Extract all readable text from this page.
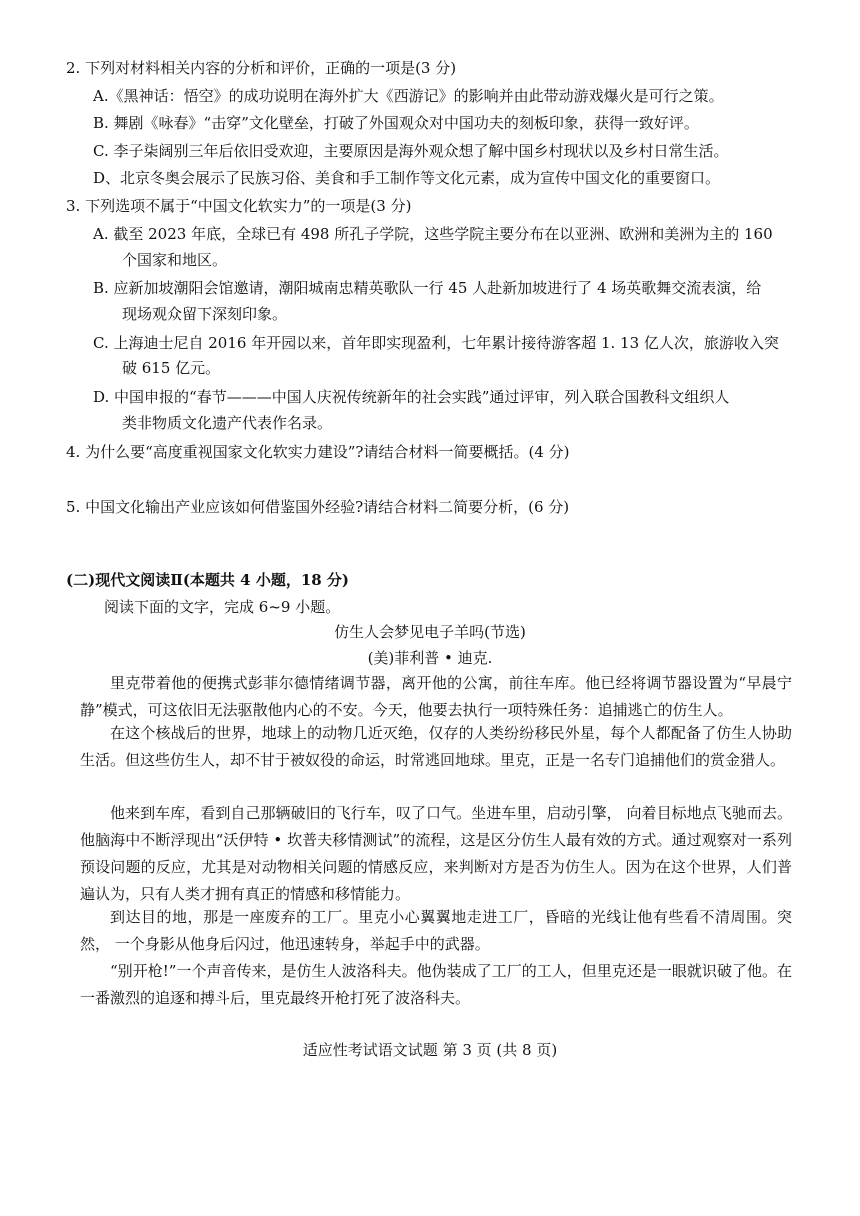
2. 下列对材料相关内容的分析和评价，正确的一项是(3 分)
A.《黑神话：悟空》的成功说明在海外扩大《西游记》的影响并由此带动游戏爆火是可行之策。
B. 舞剧《咏春》“击穿”文化壁垒，打破了外国观众对中国功夫的刻板印象，获得一致好评。
C. 李子柒阔别三年后依旧受欢迎，主要原因是海外观众想了解中国乡村现状以及乡村日常生活。
D、北京冬奥会展示了民族习俗、美食和手工制作等文化元素，成为宣传中国文化的重要窗口。
3. 下列选项不属于“中国文化软实力”的一项是(3 分)
A. 截至 2023 年底，全球已有 498 所孔子学院，这些学院主要分布在以亚洲、欧洲和美洲为主的 160
个国家和地区。
B. 应新加坡潮阳会馆邀请，潮阳城南忠精英歌队一行 45 人赴新加坡进行了 4 场英歌舞交流表演，给
现场观众留下深刻印象。
C. 上海迪士尼自 2016 年开园以来，首年即实现盈利，七年累计接待游客超 1. 13 亿人次，旅游收入突
破 615 亿元。
D. 中国申报的“春节———中国人庆祝传统新年的社会实践”通过评审，列入联合国教科文组织人
类非物质文化遗产代表作名录。
4. 为什么要“高度重视国家文化软实力建设”?请结合材料一简要概括。(4 分)
5. 中国文化输出产业应该如何借鉴国外经验?请结合材料二简要分析，(6 分)
(二)现代文阅读Ⅱ(本题共 4 小题，18 分)
阅读下面的文字，完成 6~9 小题。
仿生人会梦见电子羊吗(节选)
(美)菲利普 • 迪克.
里克带着他的便携式彭菲尔德情绪调节器，离开他的公寓，前往车库。他已经将调节器设置为“早晨宁静”模式，可这依旧无法驱散他内心的不安。今天，他要去执行一项特殊任务：追捕逃亡的仿生人。
在这个核战后的世界，地球上的动物几近灭绝，仅存的人类纷纷移民外星，每个人都配备了仿生人协助生活。但这些仿生人，却不甘于被奴役的命运，时常逃回地球。里克，正是一名专门追捕他们的赏金猎人。
他来到车库，看到自己那辆破旧的飞行车，叹了口气。坐进车里，启动引擎， 向着目标地点飞驰而去。他脑海中不断浮现出“沃伊特 • 坎普夫移情测试”的流程，这是区分仿生人最有效的方式。通过观察对一系列预设问题的反应，尤其是对动物相关问题的情感反应，来判断对方是否为仿生人。因为在这个世界，人们普遍认为，只有人类才拥有真正的情感和移情能力。
到达目的地，那是一座废弃的工厂。里克小心翼翼地走进工厂，昏暗的光线让他有些看不清周围。突然， 一个身影从他身后闪过，他迅速转身，举起手中的武器。
“别开枪!”一个声音传来，是仿生人波洛科夫。他伪装成了工厂的工人，但里克还是一眼就识破了他。在一番激烈的追逐和搏斗后，里克最终开枪打死了波洛科夫。
适应性考试语文试题 第 3 页 (共 8 页)
